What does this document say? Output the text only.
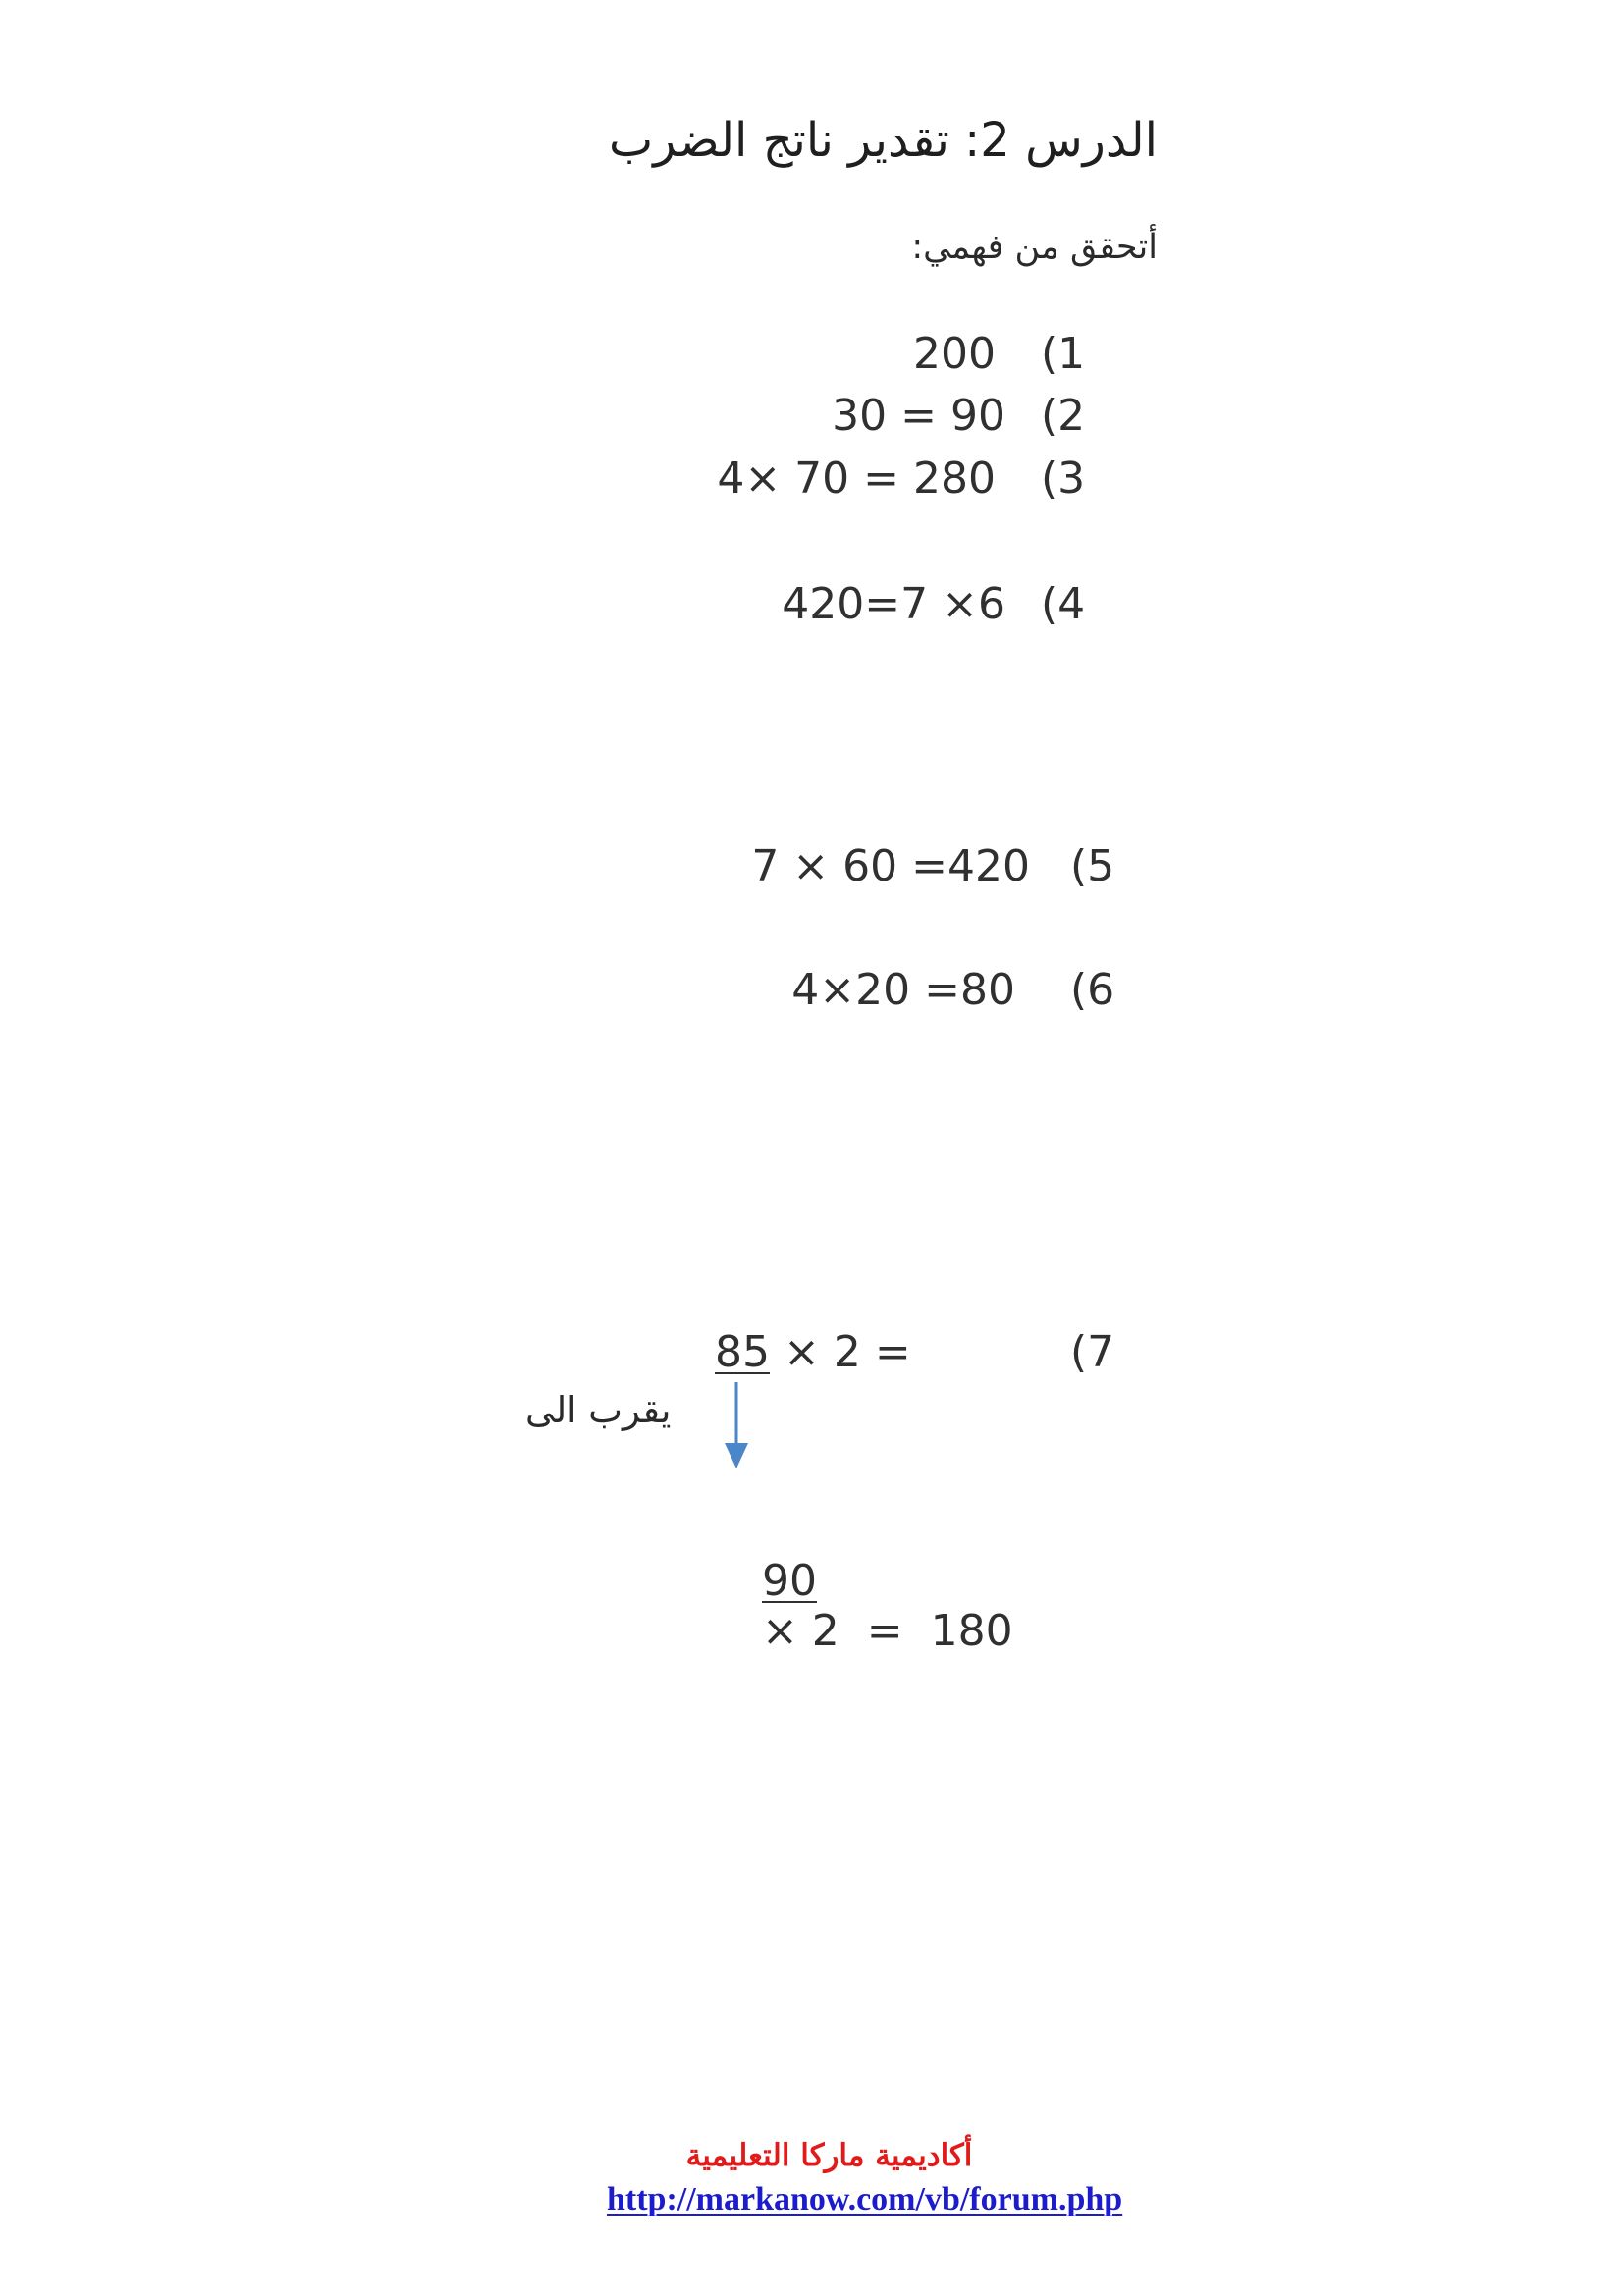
الدرس 2: تقدير ناتج الضرب
أتحقق من فهمي:
(1
200
(2
30 = 90
(3
4× 70 = 280
(4
420=7 ×6
(5
7 × 60 =420
(6
4×20 =80
(7
85 × 2 =
يقرب الى

90
× 2  =  180

أكاديمية ماركا التعليمية
http://markanow.com/vb/forum.php
